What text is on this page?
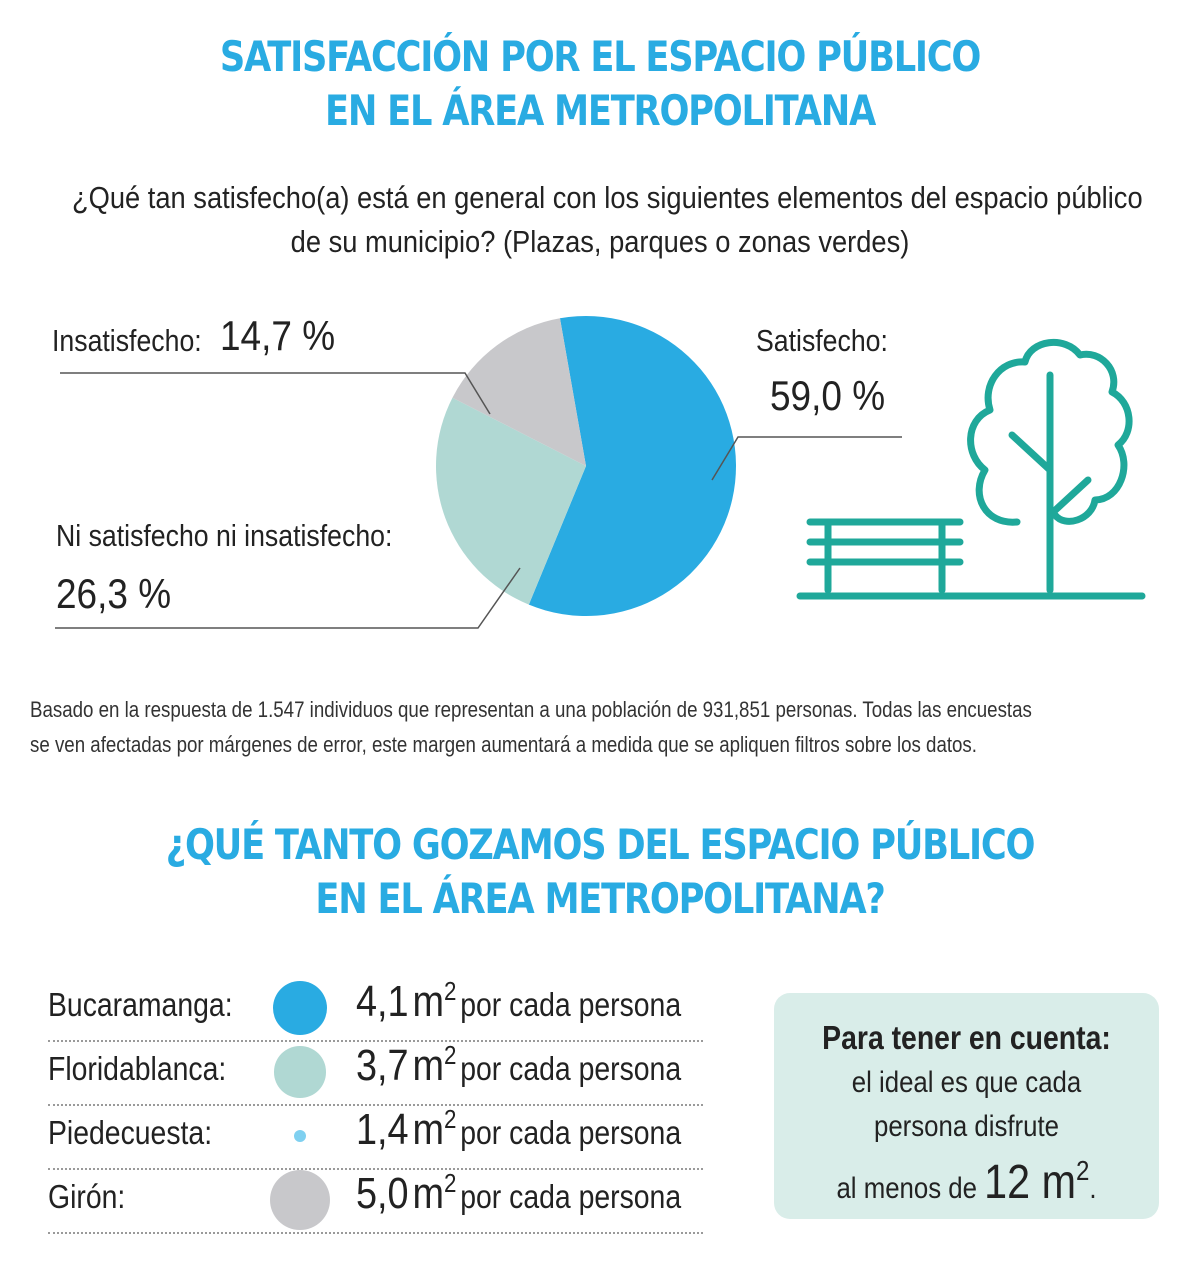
SATISFACCIÓN POR EL ESPACIO PÚBLICO
EN EL ÁREA METROPOLITANA
¿Qué tan satisfecho(a) está en general con los siguientes elementos del espacio público
de su municipio? (Plazas, parques o zonas verdes)
Insatisfecho: 14,7 %	Satisfecho:
59,0 %
Ni satisfecho ni insatisfecho:
26,3 %
Basado en la respuesta de 1.547 individuos que representan a una población de 931,851 personas. Todas las encuestas
se ven afectadas por márgenes de error, este margen aumentará a medida que se apliquen filtros sobre los datos.
¿QUÉ TANTO GOZAMOS DEL ESPACIO PÚBLICO
EN EL ÁREA METROPOLITANA?
Bucaramanga:	4,1 m2 por cada persona
Floridablanca:	3,7 m2 por cada persona
Piedecuesta:	1,4 m2 por cada persona
Girón:	5,0 m2 por cada persona
Para tener en cuenta:
el ideal es que cada
persona disfrute
al menos de 12 m2.
